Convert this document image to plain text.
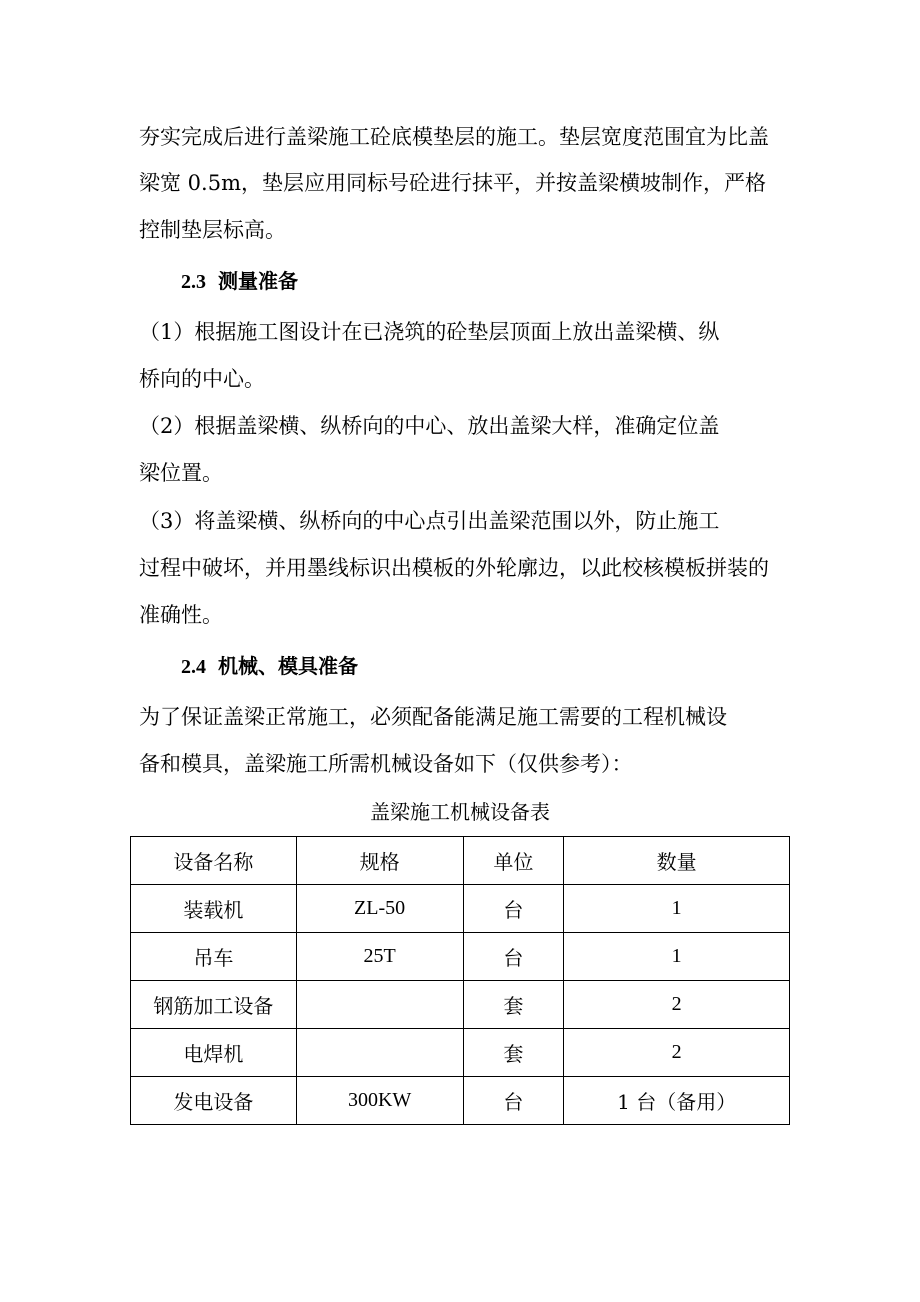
夯实完成后进行盖梁施工砼底模垫层的施工。垫层宽度范围宜为比盖
梁宽 0.5m，垫层应用同标号砼进行抹平，并按盖梁横坡制作，严格
控制垫层标高。
2.3 测量准备
（1）根据施工图设计在已浇筑的砼垫层顶面上放出盖梁横、纵
桥向的中心。
（2）根据盖梁横、纵桥向的中心、放出盖梁大样，准确定位盖
梁位置。
（3）将盖梁横、纵桥向的中心点引出盖梁范围以外，防止施工
过程中破坏，并用墨线标识出模板的外轮廓边，以此校核模板拼装的
准确性。
2.4 机械、模具准备
为了保证盖梁正常施工，必须配备能满足施工需要的工程机械设
备和模具，盖梁施工所需机械设备如下（仅供参考）：
盖梁施工机械设备表
设备名称	规格	单位	数量
装载机	ZL-50	台	1
吊车	25T	台	1
钢筋加工设备		套	2
电焊机		套	2
发电设备	300KW	台	1 台（备用）
